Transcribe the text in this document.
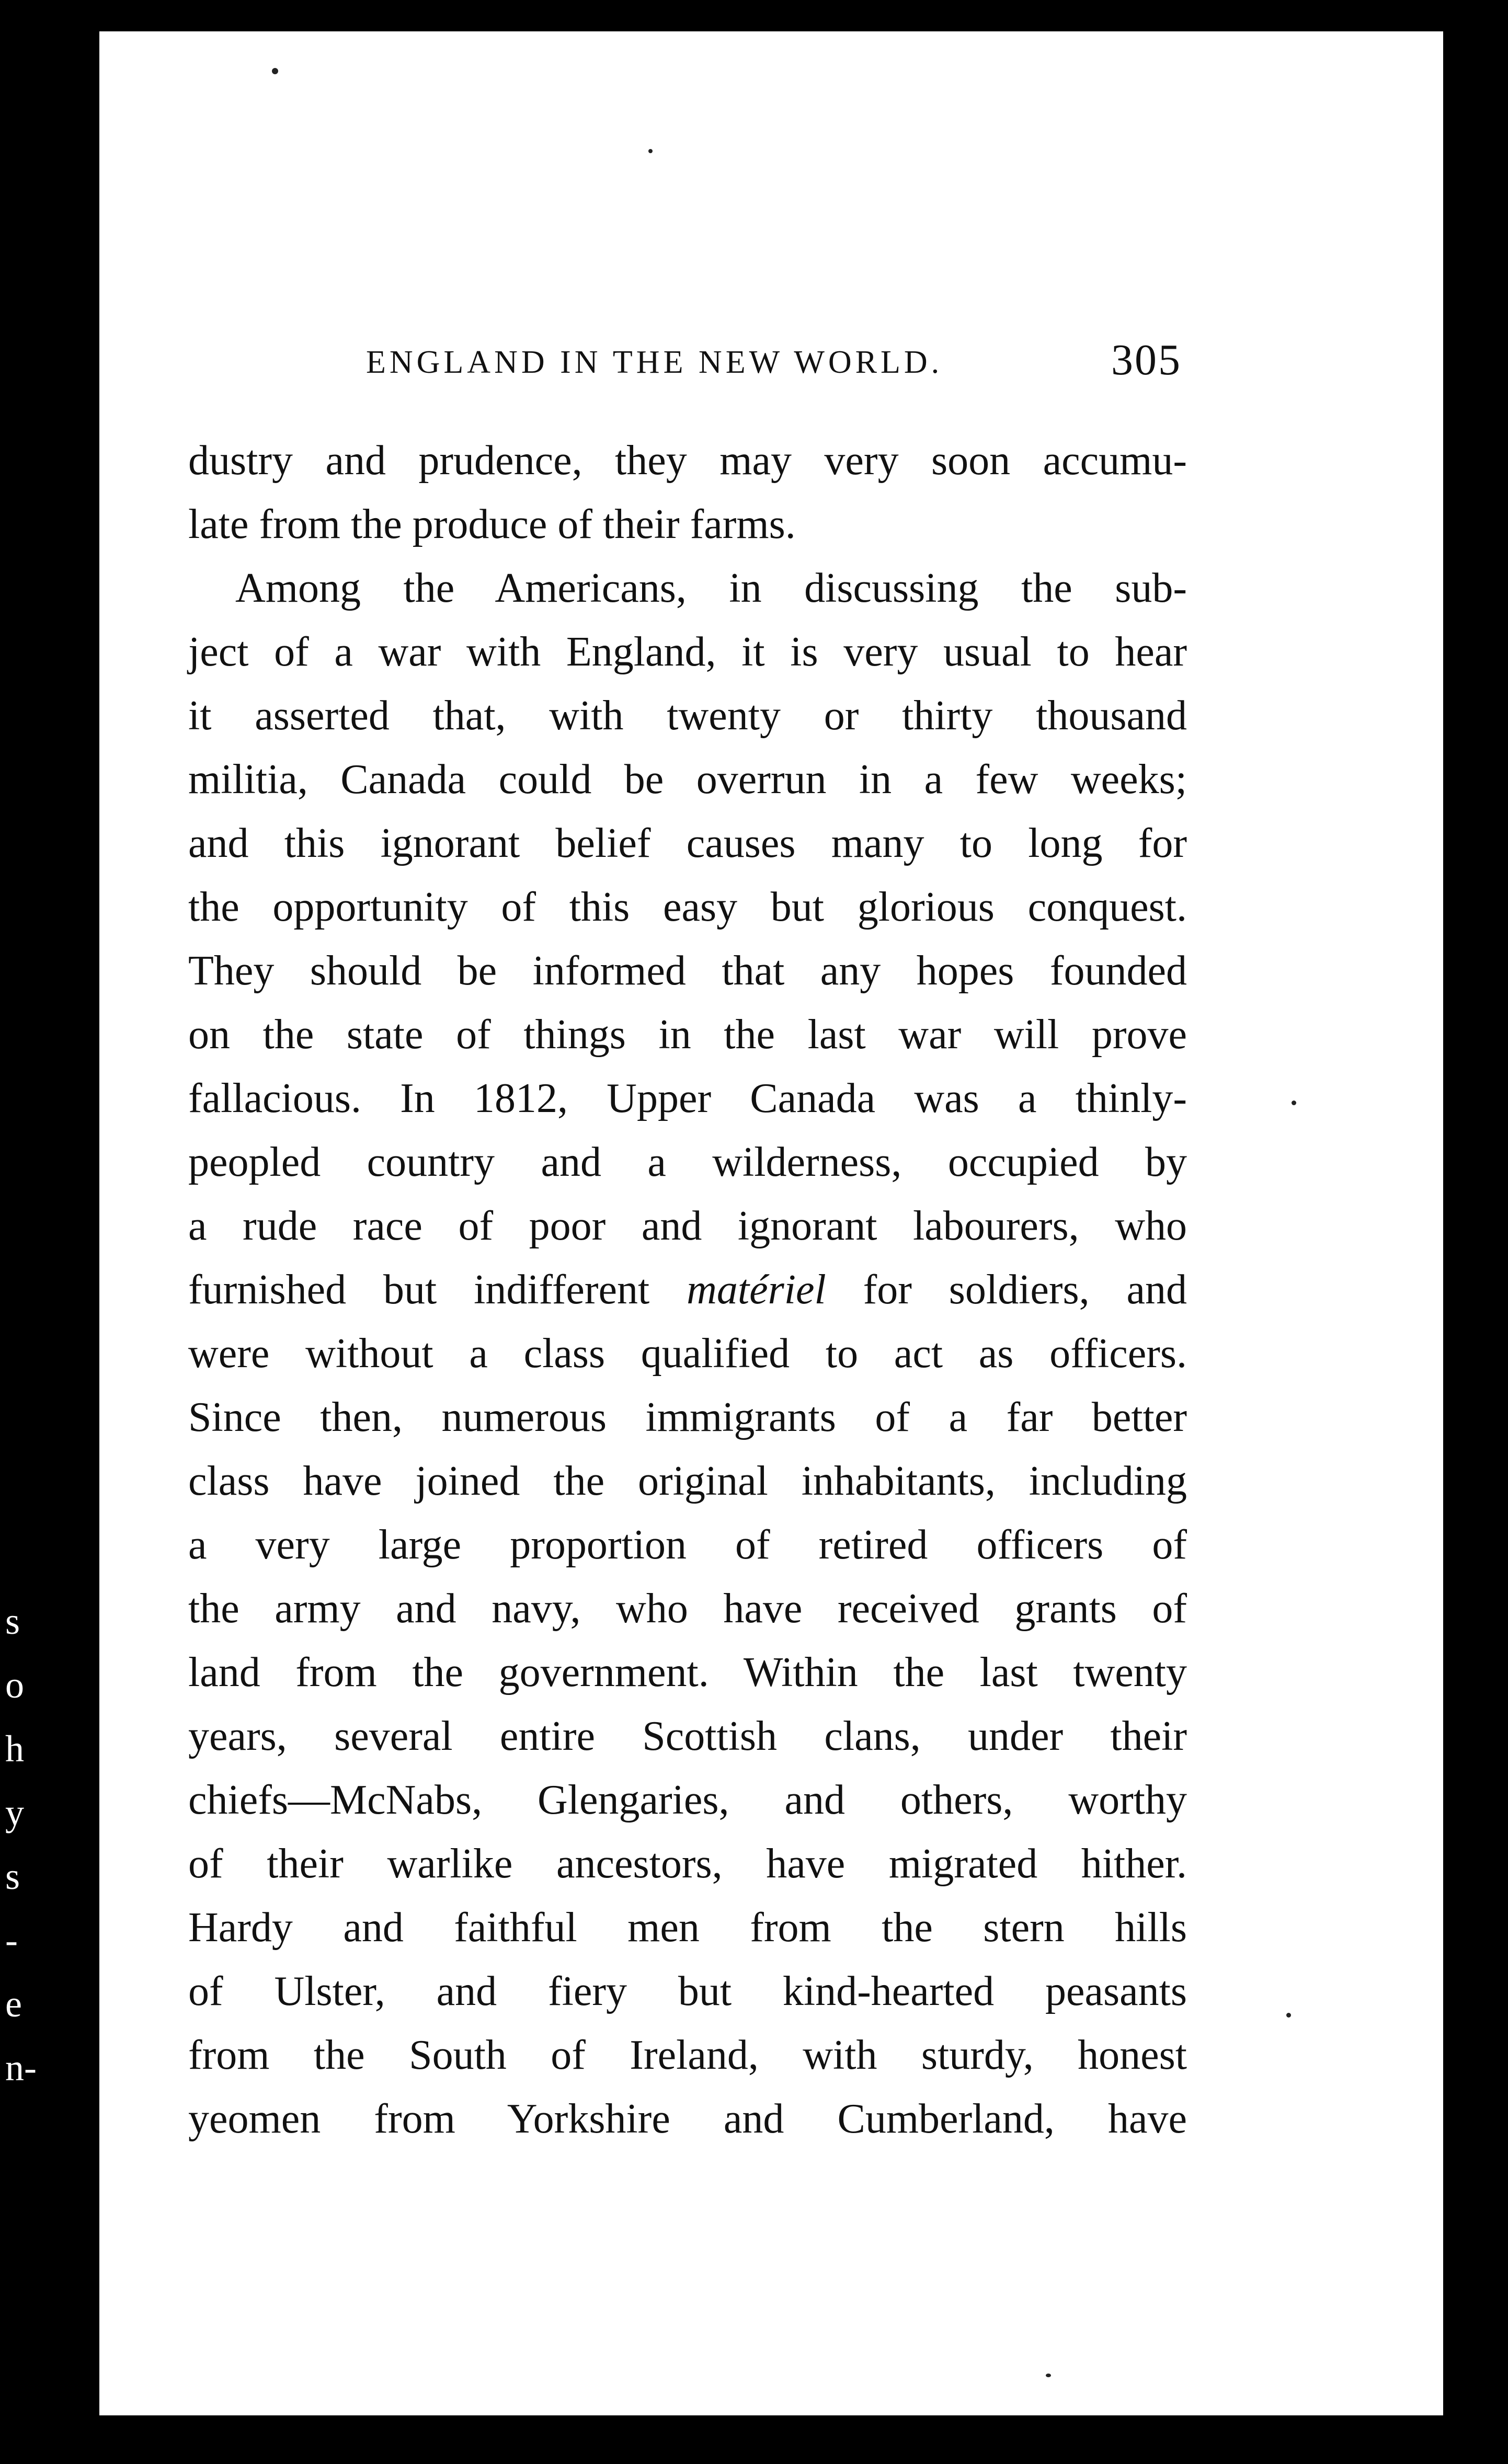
s
o
h
y
s
-
e
n-
ENGLAND IN THE NEW WORLD.	305
dustry and prudence, they may very soon accumu-
late from the produce of their farms.
Among the Americans, in discussing the sub-
ject of a war with England, it is very usual to hear
it asserted that, with twenty or thirty thousand
militia, Canada could be overrun in a few weeks;
and this ignorant belief causes many to long for
the opportunity of this easy but glorious conquest.
They should be informed that any hopes founded
on the state of things in the last war will prove
fallacious. In 1812, Upper Canada was a thinly-
peopled country and a wilderness, occupied by
a rude race of poor and ignorant labourers, who
furnished but indifferent matériel for soldiers, and
were without a class qualified to act as officers.
Since then, numerous immigrants of a far better
class have joined the original inhabitants, including
a very large proportion of retired officers of
the army and navy, who have received grants of
land from the government. Within the last twenty
years, several entire Scottish clans, under their
chiefs—McNabs, Glengaries, and others, worthy
of their warlike ancestors, have migrated hither.
Hardy and faithful men from the stern hills
of Ulster, and fiery but kind-hearted peasants
from the South of Ireland, with sturdy, honest
yeomen from Yorkshire and Cumberland, have
